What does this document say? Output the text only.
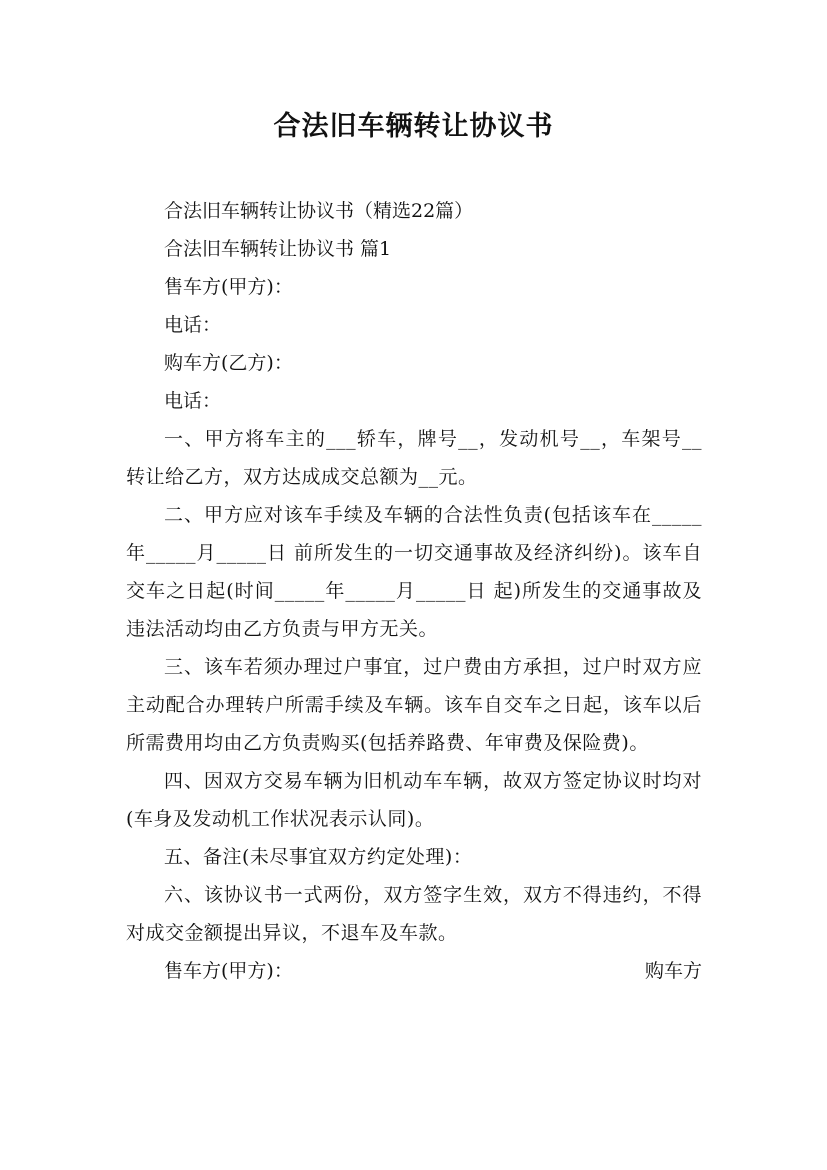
合法旧车辆转让协议书

合法旧车辆转让协议书（精选22篇）

合法旧车辆转让协议书 篇1

售车方(甲方)：

电话：

购车方(乙方)：

电话：

一、甲方将车主的___轿车，牌号__，发动机号__，车架号__转让给乙方，双方达成成交总额为__元。

二、甲方应对该车手续及车辆的合法性负责(包括该车在_____年_____月_____日 前所发生的一切交通事故及经济纠纷)。该车自交车之日起(时间_____年_____月_____日 起)所发生的交通事故及违法活动均由乙方负责与甲方无关。

三、该车若须办理过户事宜，过户费由方承担，过户时双方应主动配合办理转户所需手续及车辆。该车自交车之日起，该车以后所需费用均由乙方负责购买(包括养路费、年审费及保险费)。

四、因双方交易车辆为旧机动车车辆，故双方签定协议时均对(车身及发动机工作状况表示认同)。

五、备注(未尽事宜双方约定处理)：

六、该协议书一式两份，双方签字生效，双方不得违约，不得对成交金额提出异议，不退车及车款。

售车方(甲方)：	购车方
